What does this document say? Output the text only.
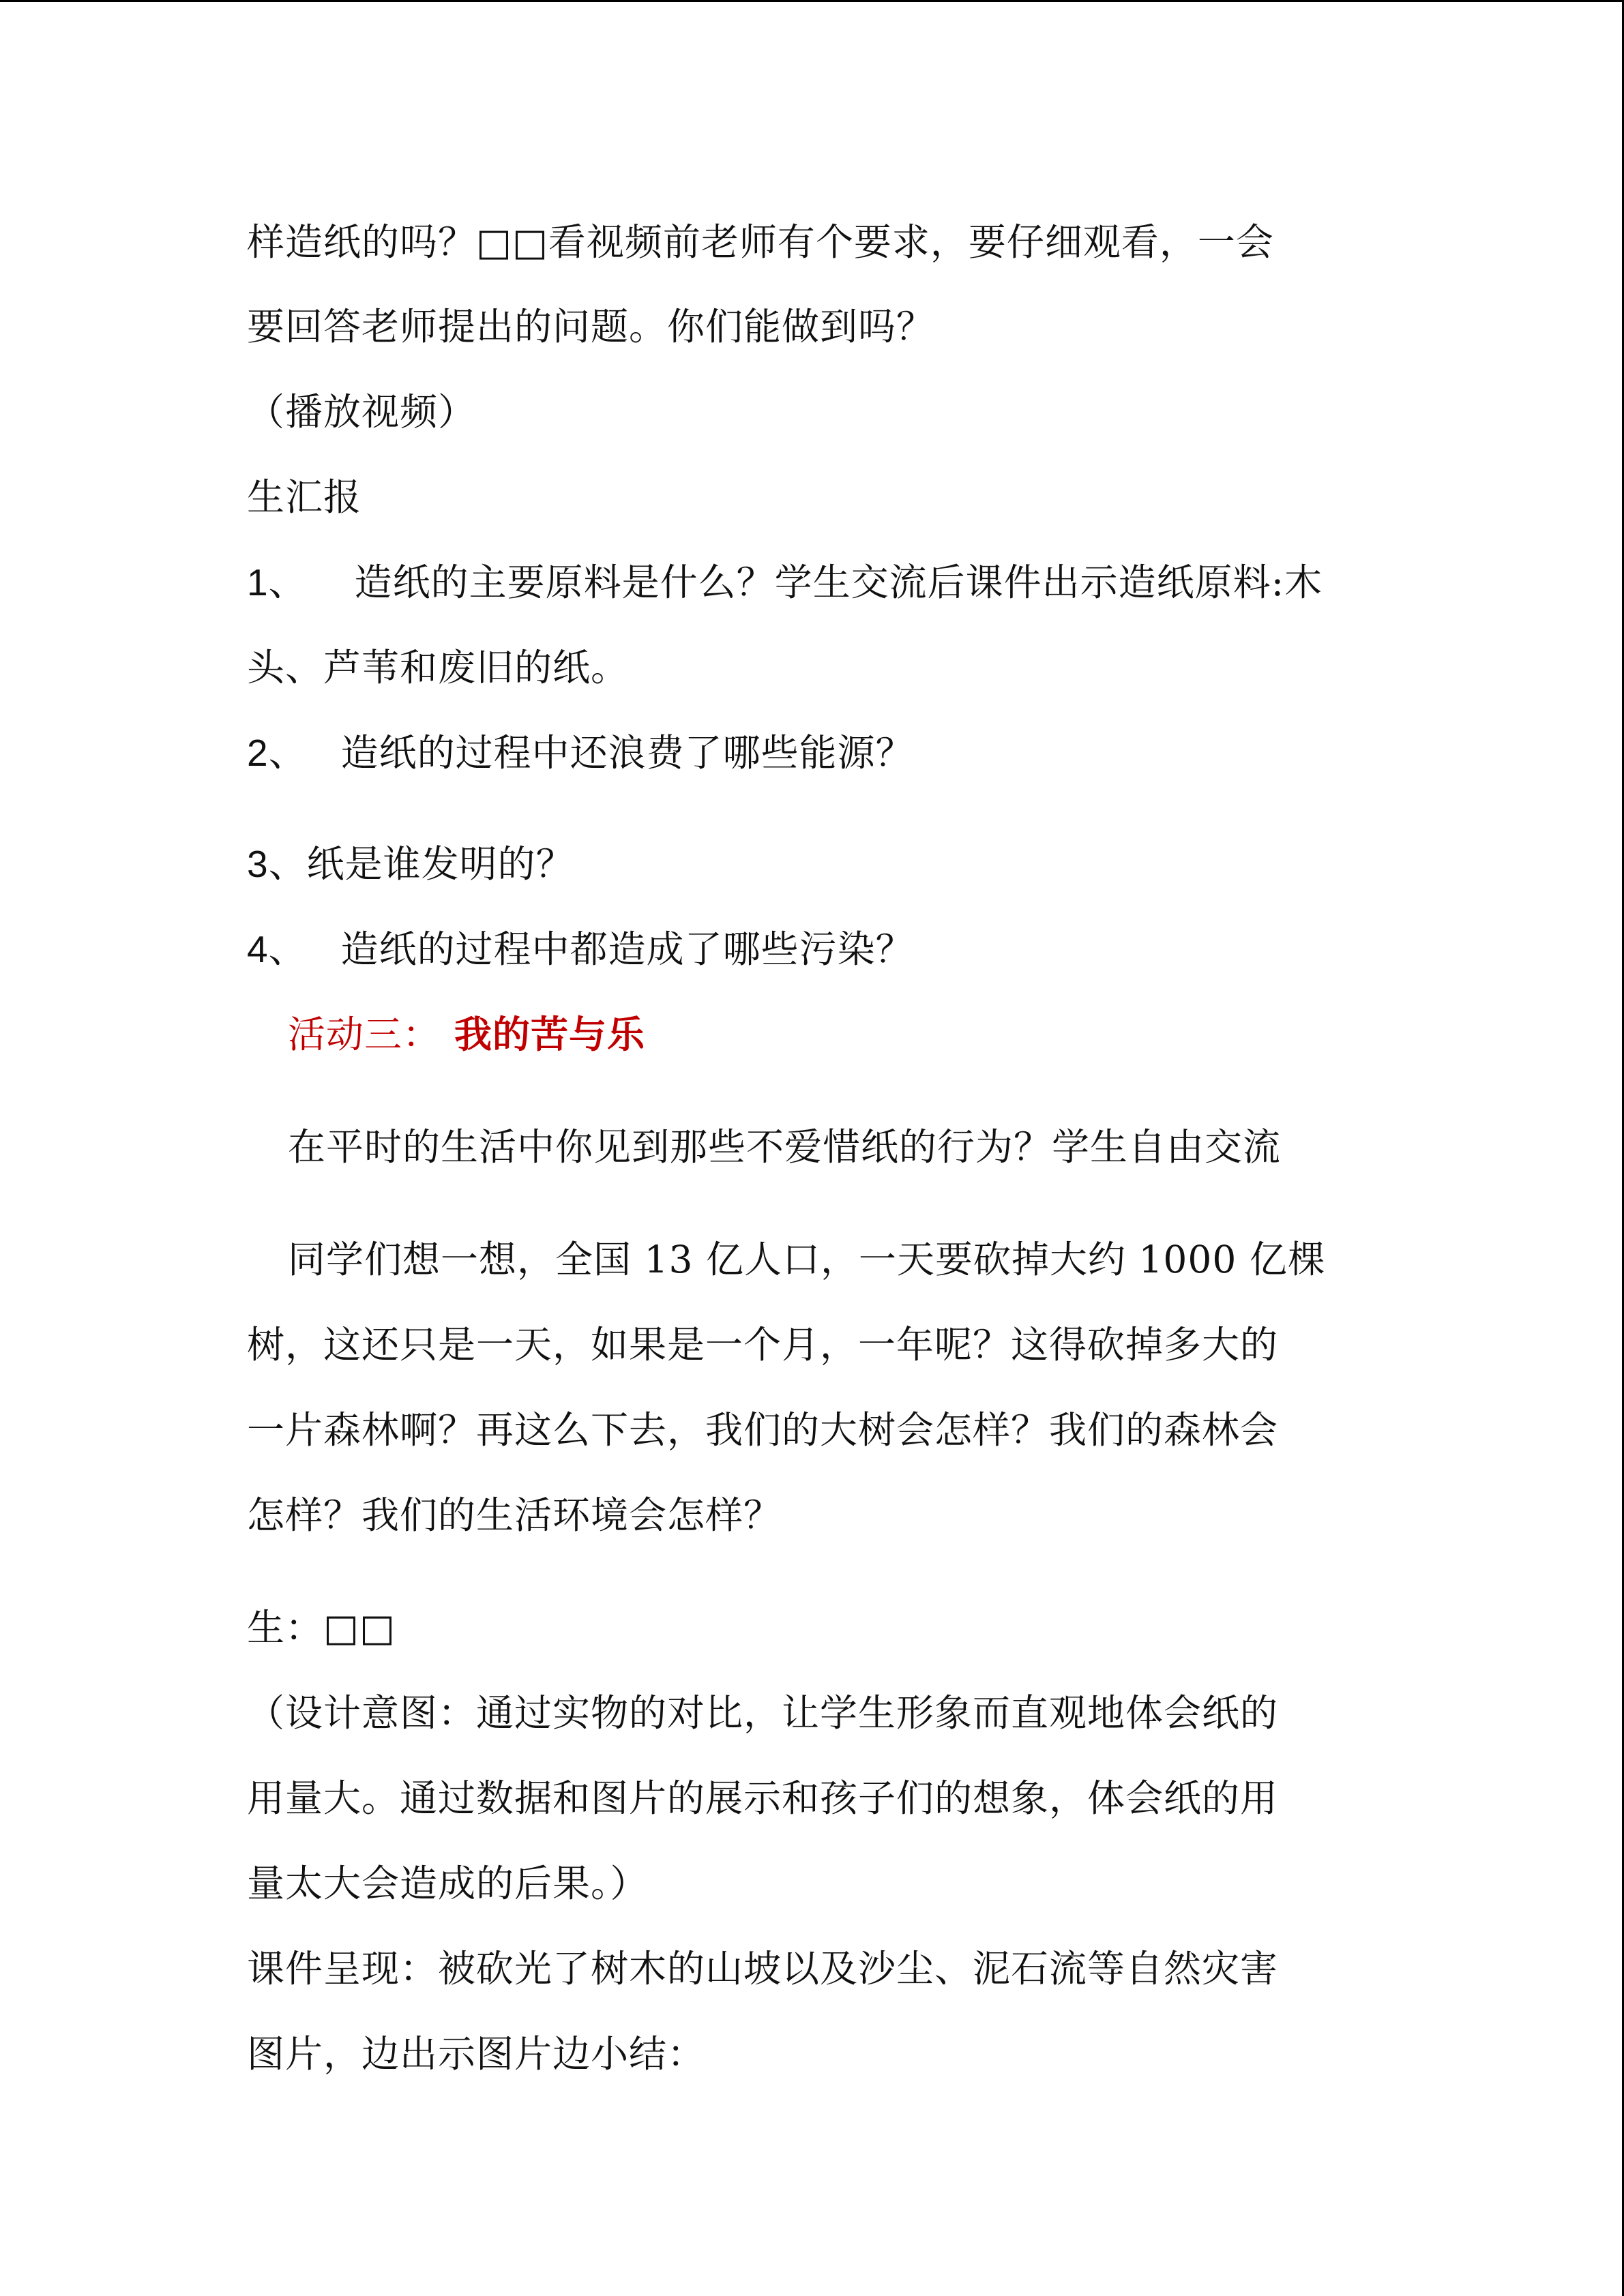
样造纸的吗？□□看视频前老师有个要求，要仔细观看，一会
要回答老师提出的问题。你们能做到吗？
（播放视频）
生汇报
1、 造纸的主要原料是什么？学生交流后课件出示造纸原料:木
头、芦苇和废旧的纸。
2、 造纸的过程中还浪费了哪些能源？
3、纸是谁发明的？
4、 造纸的过程中都造成了哪些污染？
活动三： 我的苦与乐
在平时的生活中你见到那些不爱惜纸的行为？学生自由交流
同学们想一想，全国 13 亿人口，一天要砍掉大约 1000 亿棵
树，这还只是一天，如果是一个月，一年呢？这得砍掉多大的
一片森林啊？再这么下去，我们的大树会怎样？我们的森林会
怎样？我们的生活环境会怎样？
生：□□
（设计意图：通过实物的对比，让学生形象而直观地体会纸的
用量大。通过数据和图片的展示和孩子们的想象，体会纸的用
量太大会造成的后果。）
课件呈现：被砍光了树木的山坡以及沙尘、泥石流等自然灾害
图片，边出示图片边小结：
